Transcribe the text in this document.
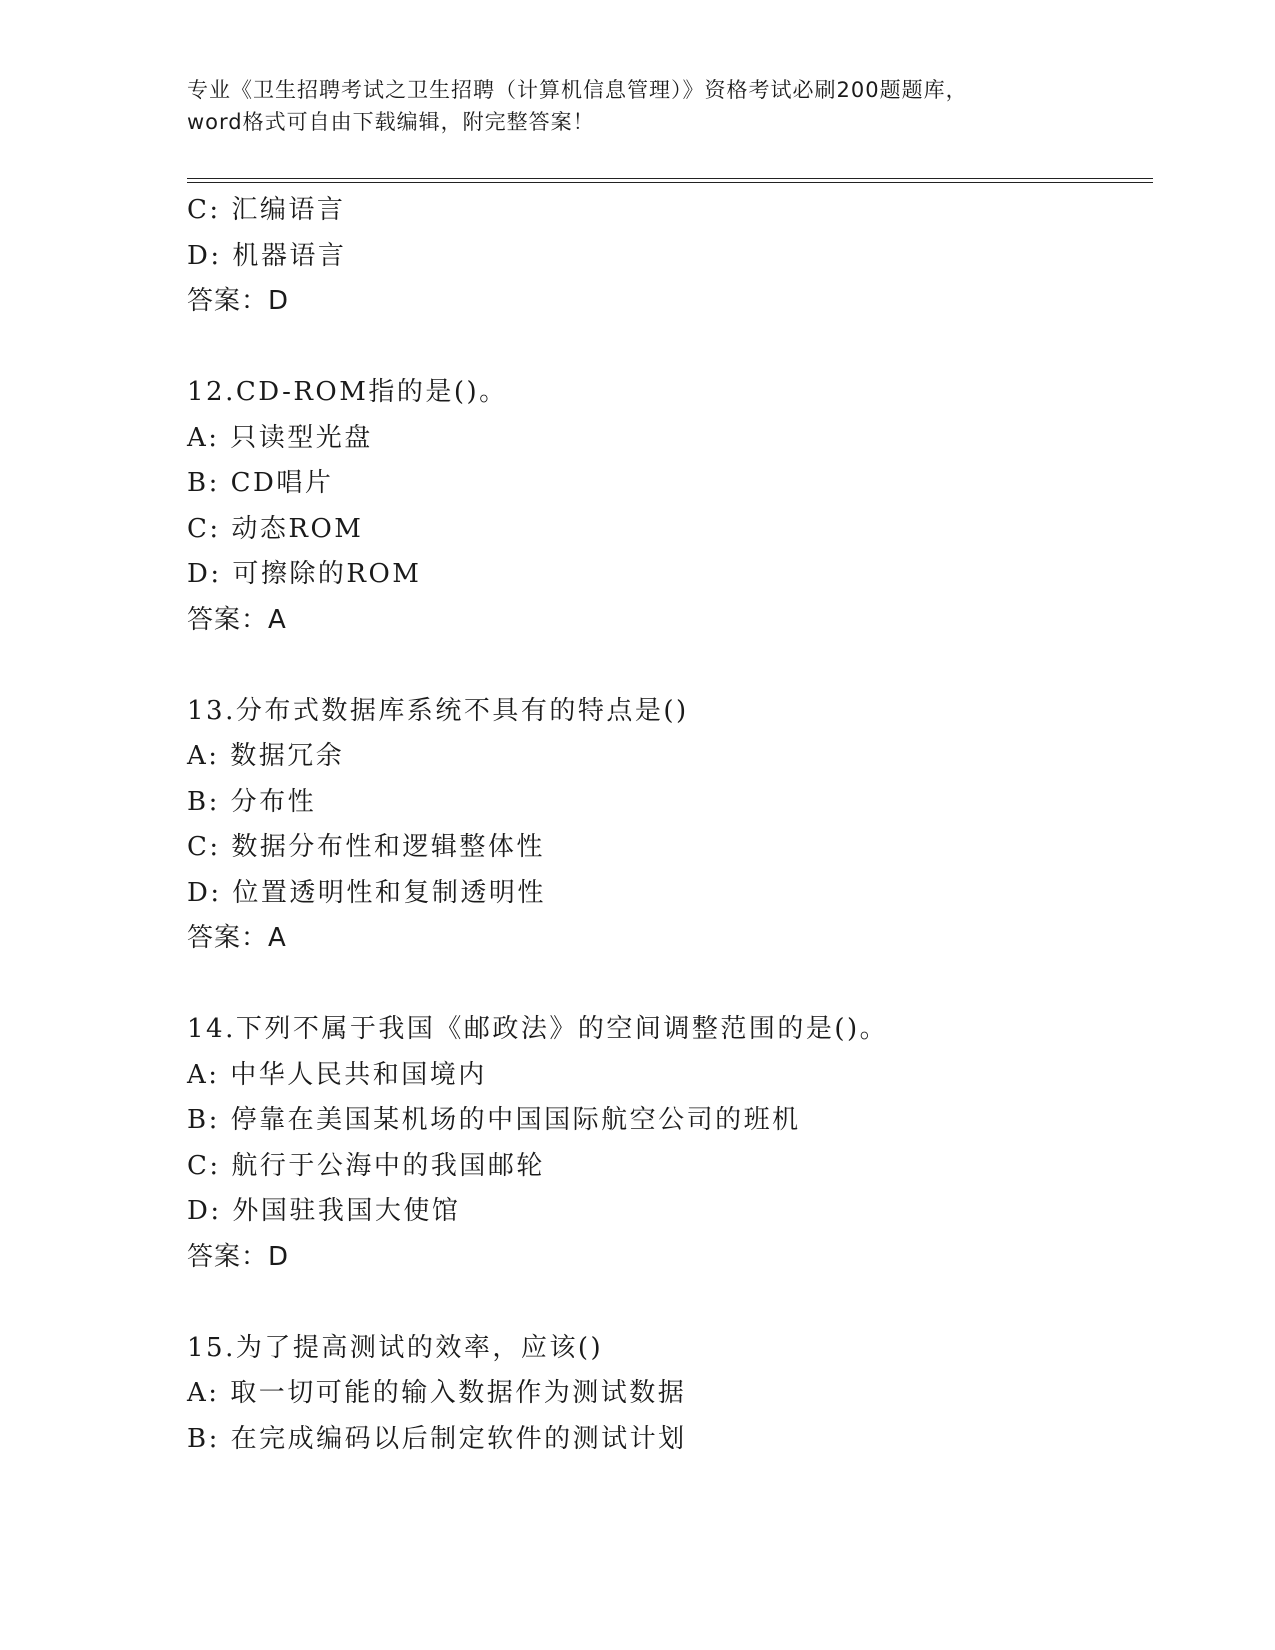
专业《卫生招聘考试之卫生招聘（计算机信息管理）》资格考试必刷200题题库，
word格式可自由下载编辑，附完整答案！
C: 汇编语言
D: 机器语言
答案：D
12.CD-ROM指的是()。
A: 只读型光盘
B: CD唱片
C: 动态ROM
D: 可擦除的ROM
答案：A
13.分布式数据库系统不具有的特点是()
A: 数据冗余
B: 分布性
C: 数据分布性和逻辑整体性
D: 位置透明性和复制透明性
答案：A
14.下列不属于我国《邮政法》的空间调整范围的是()。
A: 中华人民共和国境内
B: 停靠在美国某机场的中国国际航空公司的班机
C: 航行于公海中的我国邮轮
D: 外国驻我国大使馆
答案：D
15.为了提高测试的效率，应该()
A: 取一切可能的输入数据作为测试数据
B: 在完成编码以后制定软件的测试计划
